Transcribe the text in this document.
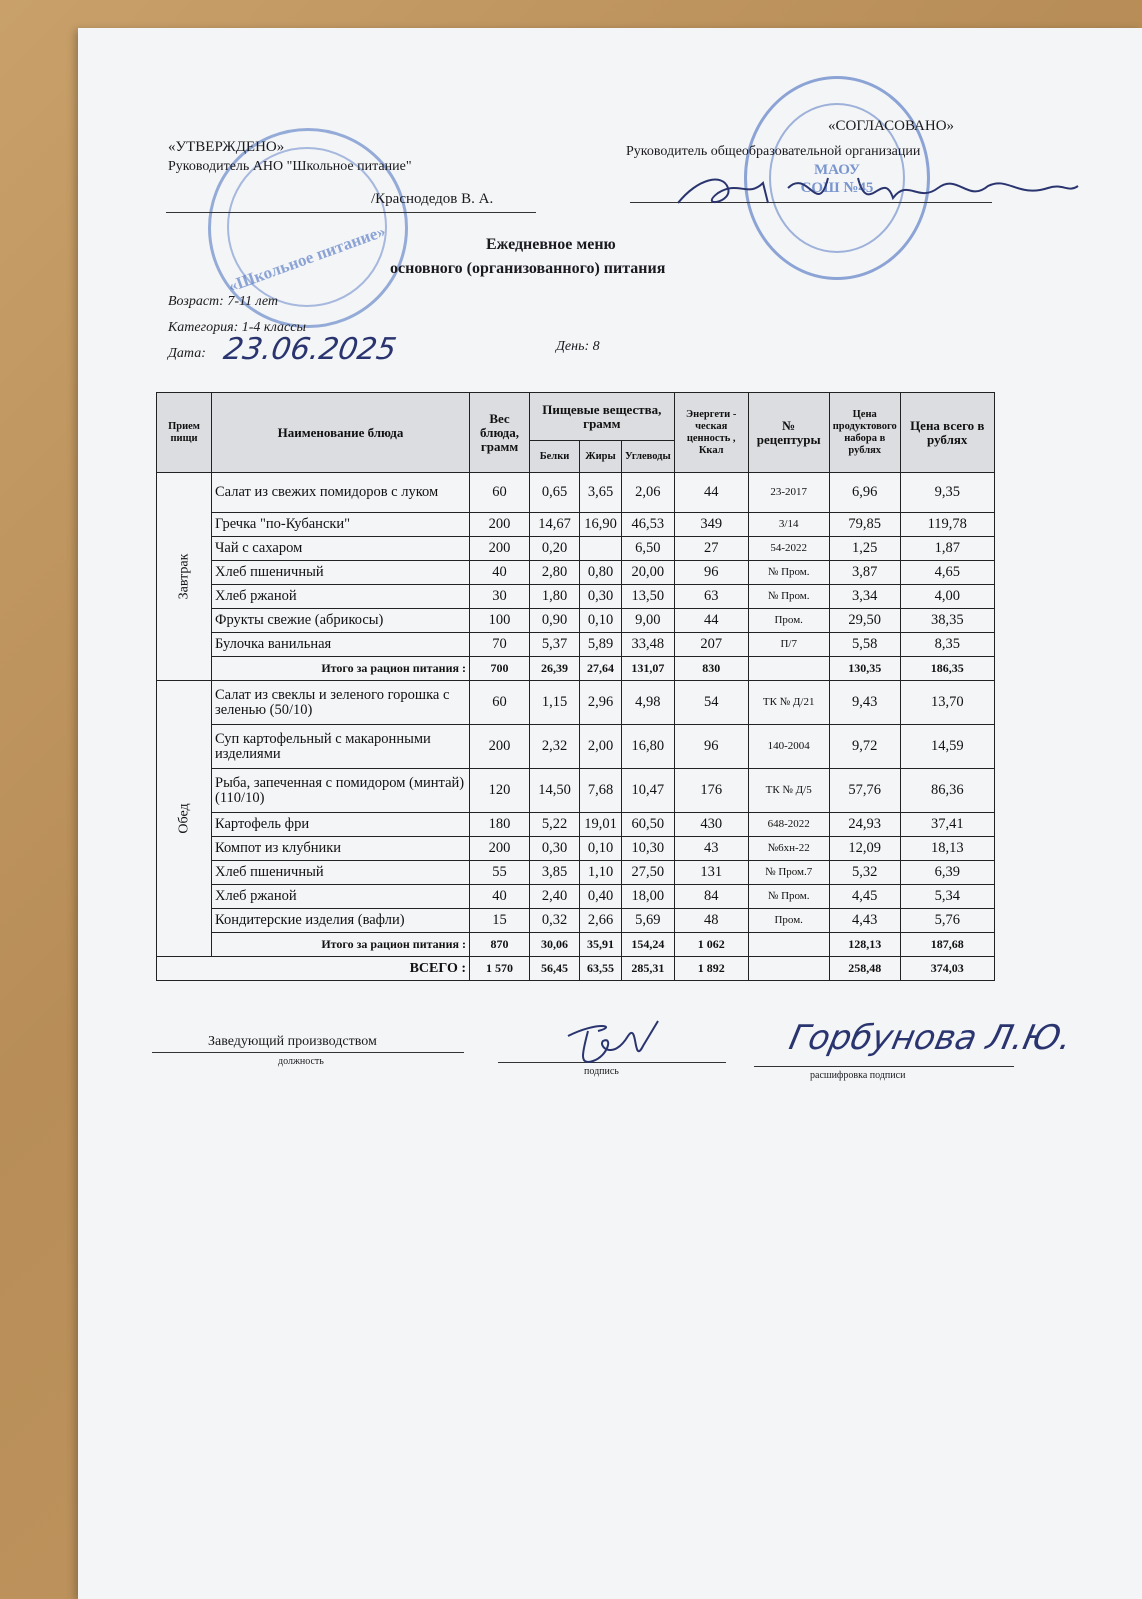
«Школьное питание»
МАОУ СОШ №45
«УТВЕРЖДЕНО»
Руководитель АНО "Школьное питание"
/Краснодедов В. А.
«СОГЛАСОВАНО»
Руководитель общеобразовательной организации
Ежедневное меню
основного (организованного) питания
Возраст: 7-11 лет
Категория: 1-4 классы
Дата: 23.06.2025	День: 8
Прием пищи	Наименование блюда	Вес блюда, грамм	Пищевые вещества, грамм			Энергети - ческая ценность , Ккал	№ рецептуры	Цена продуктового набора в рублях	Цена всего в рублях
			Белки	Жиры	Углеводы				
Завтрак	Салат из свежих помидоров с луком	60	0,65	3,65	2,06	44	23-2017	6,96	9,35
	Гречка "по-Кубански"	200	14,67	16,90	46,53	349	3/14	79,85	119,78
	Чай с сахаром	200	0,20		6,50	27	54-2022	1,25	1,87
	Хлеб пшеничный	40	2,80	0,80	20,00	96	№ Пром.	3,87	4,65
	Хлеб ржаной	30	1,80	0,30	13,50	63	№ Пром.	3,34	4,00
	Фрукты свежие (абрикосы)	100	0,90	0,10	9,00	44	Пром.	29,50	38,35
	Булочка ванильная	70	5,37	5,89	33,48	207	П/7	5,58	8,35
	Итого за рацион питания :	700	26,39	27,64	131,07	830		130,35	186,35
Обед	Салат из свеклы и зеленого горошка с зеленью (50/10)	60	1,15	2,96	4,98	54	ТК № Д/21	9,43	13,70
	Суп картофельный с макаронными изделиями	200	2,32	2,00	16,80	96	140-2004	9,72	14,59
	Рыба, запеченная с помидором (минтай) (110/10)	120	14,50	7,68	10,47	176	ТК № Д/5	57,76	86,36
	Картофель фри	180	5,22	19,01	60,50	430	648-2022	24,93	37,41
	Компот из клубники	200	0,30	0,10	10,30	43	№6хн-22	12,09	18,13
	Хлеб пшеничный	55	3,85	1,10	27,50	131	№ Пром.7	5,32	6,39
	Хлеб ржаной	40	2,40	0,40	18,00	84	№ Пром.	4,45	5,34
	Кондитерские изделия (вафли)	15	0,32	2,66	5,69	48	Пром.	4,43	5,76
	Итого за рацион питания :	870	30,06	35,91	154,24	1 062		128,13	187,68
ВСЕГО :		1 570	56,45	63,55	285,31	1 892		258,48	374,03
Заведующий производством
должность
подпись	расшифровка подписи
Горбунова Л.Ю.
